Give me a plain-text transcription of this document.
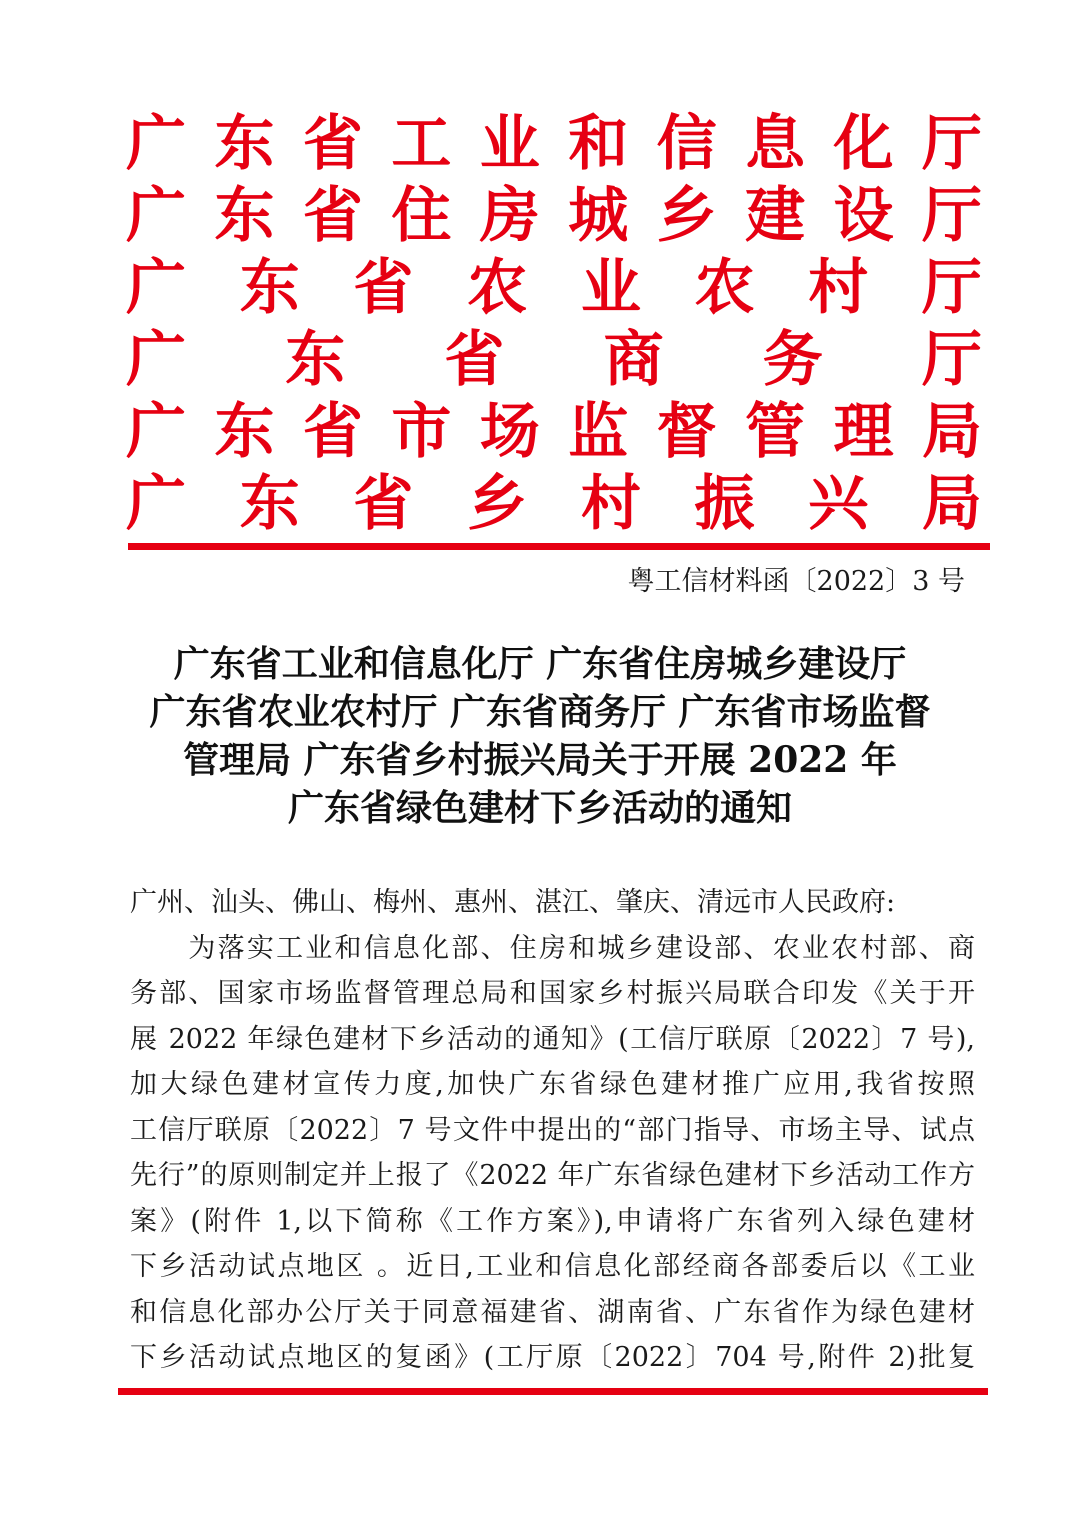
广 东 省 工 业 和 信 息 化 厅
广 东 省 住 房 城 乡 建 设 厅
广 东 省 农 业 农 村 厅
广 东 省 商 务 厅
广 东 省 市 场 监 督 管 理 局
广 东 省 乡 村 振 兴 局
粤工信材料函〔2022〕3 号
广东省工业和信息化厅 广东省住房城乡建设厅
广东省农业农村厅 广东省商务厅 广东省市场监督
管理局 广东省乡村振兴局关于开展 2022 年
广东省绿色建材下乡活动的通知
广州、汕头、佛山、梅州、惠州、湛江、肇庆、清远市人民政府:
　　为落实工业和信息化部、住房和城乡建设部、农业农村部、商
务部、国家市场监督管理总局和国家乡村振兴局联合印发《关于开
展 2022 年绿色建材下乡活动的通知》(工信厅联原〔2022〕7 号),
加大绿色建材宣传力度,加快广东省绿色建材推广应用,我省按照
工信厅联原〔2022〕7 号文件中提出的“部门指导、市场主导、试点
先行”的原则制定并上报了《2022 年广东省绿色建材下乡活动工作方
案》(附件 1,以下简称《工作方案》),申请将广东省列入绿色建材
下乡活动试点地区 。近日,工业和信息化部经商各部委后以《工业
和信息化部办公厅关于同意福建省、湖南省、广东省作为绿色建材
下乡活动试点地区的复函》(工厅原〔2022〕704 号,附件 2)批复
